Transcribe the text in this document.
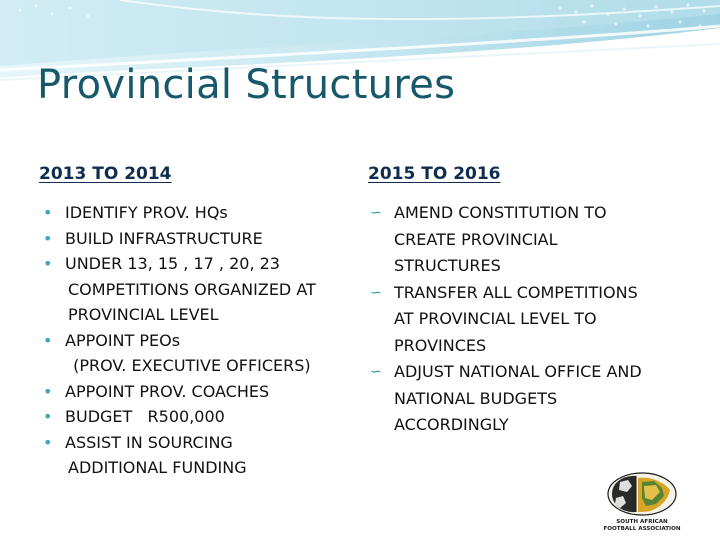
Provincial Structures
2013 TO 2014	2015 TO 2016
• IDENTIFY PROV. HQs
• BUILD INFRASTRUCTURE
• UNDER 13, 15 , 17 , 20, 23
COMPETITIONS ORGANIZED AT
PROVINCIAL LEVEL
• APPOINT PEOs
(PROV. EXECUTIVE OFFICERS)
• APPOINT PROV. COACHES
• BUDGET   R500,000
• ASSIST IN SOURCING
ADDITIONAL FUNDING
∽ AMEND CONSTITUTION TO
CREATE PROVINCIAL
STRUCTURES
∽ TRANSFER ALL COMPETITIONS
AT PROVINCIAL LEVEL TO
PROVINCES
∽ ADJUST NATIONAL OFFICE AND
NATIONAL BUDGETS
ACCORDINGLY
SOUTH AFRICAN
FOOTBALL ASSOCIATION
